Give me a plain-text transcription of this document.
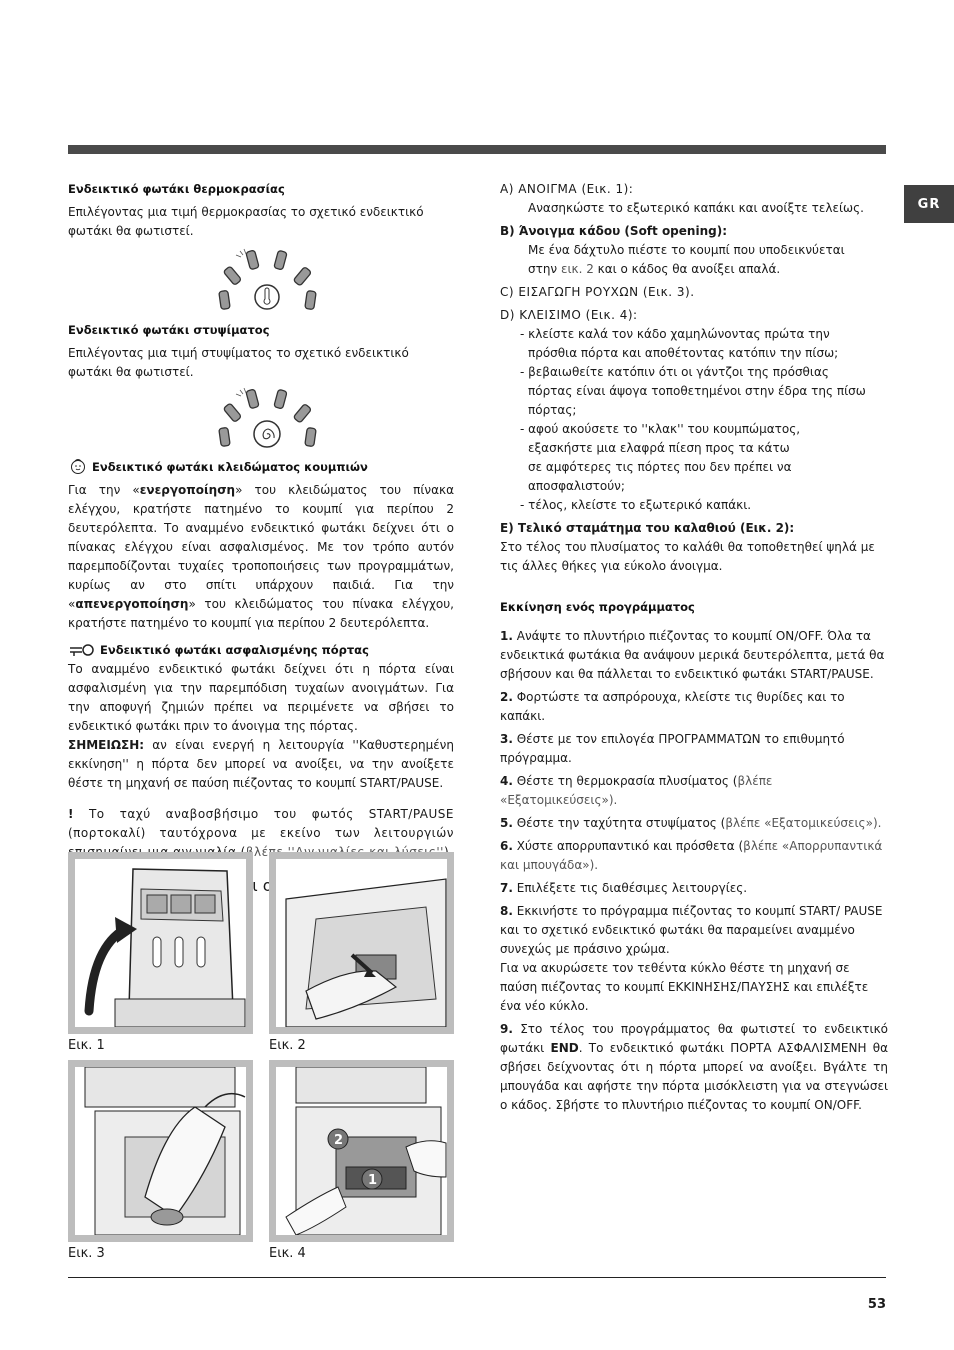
GR

Ενδεικτικό φωτάκι θερμοκρασίας

Επιλέγοντας μια τιμή θερμοκρασίας το σχετικό ενδεικτικό φωτάκι θα φωτιστεί.

Ενδεικτικό φωτάκι στυψίματος

Επιλέγοντας μια τιμή στυψίματος το σχετικό ενδεικτικό φωτάκι θα φωτιστεί.

Ενδεικτικό φωτάκι κλειδώματος κουμπιών

Για την «ενεργοποίηση» του κλειδώματος του πίνακα ελέγχου, κρατήστε πατημένο το κουμπί για περίπου 2 δευτερόλεπτα. Το αναμμένο ενδεικτικό φωτάκι δείχνει ότι ο πίνακας ελέγχου είναι ασφαλισμένος. Με τον τρόπο αυτόν παρεμποδίζονται τυχαίες τροποποιήσεις των προγραμμάτων, κυρίως αν στο σπίτι υπάρχουν παιδιά. Για την «απενεργοποίηση» του κλειδώματος του πίνακα ελέγχου, κρατήστε πατημένο το κουμπί για περίπου 2 δευτερόλεπτα.

Ενδεικτικό φωτάκι ασφαλισμένης πόρτας

Το αναμμένο ενδεικτικό φωτάκι δείχνει ότι η πόρτα είναι ασφαλισμένη για την παρεμπόδιση τυχαίων ανοιγμάτων. Για την αποφυγή ζημιών πρέπει να περιμένετε να σβήσει το ενδεικτικό φωτάκι πριν το άνοιγμα της πόρτας.

ΣΗΜΕΙΩΣΗ: αν είναι ενεργή η λειτουργία ''Καθυστερημένη εκκίνηση'' η πόρτα δεν μπορεί να ανοίξει, να την ανοίξετε θέστε τη μηχανή σε παύση πιέζοντας το κουμπί START/PAUSE.

! Το ταχύ αναβοσβήσιμο του φωτός START/PAUSE (πορτοκαλί) ταυτόχρονα με εκείνο των λειτουργιών βλέπε

ο
Εικ. 1	Εικ. 2
Εικ. 3
2
1
Εικ. 4

A) ΑΝΟΙΓΜΑ (Εικ. 1):

Ανασηκώστε το εξωτερικό καπάκι και ανοίξτε τελείως.

B) Άνοιγμα κάδου (Soft opening):

Με ένα δάχτυλο πιέστε το κουμπί που υποδεικνύεται

στην εικ. 2 και ο κάδος θα ανοίξει απαλά.

C) ΕΙΣΑΓΩΓΗ ΡΟΥΧΩΝ (Εικ. 3).

D) ΚΛΕΙΣΙΜΟ (Εικ. 4):

- κλείστε καλά τον κάδο χαμηλώνοντας πρώτα την

πρόσθια πόρτα και αποθέτοντας κατόπιν την πίσω;

- βεβαιωθείτε κατόπιν ότι οι γάντζοι της πρόσθιας

πόρτας είναι άψογα τοποθετημένοι στην έδρα της πίσω

πόρτας;

- αφού ακούσετε το ''κλακ'' του κουμπώματος,

εξασκήστε μια ελαφρά πίεση προς τα κάτω

σε αμφότερες τις πόρτες που δεν πρέπει να

αποσφαλιστούν;

- τέλος, κλείστε το εξωτερικό καπάκι.

E) Τελικό σταμάτημα του καλαθιού (Εικ. 2):

Στο τέλος του πλυσίματος το καλάθι θα τοποθετηθεί ψηλά με τις άλλες θήκες για εύκολο άνοιγμα.

Εκκίνηση ενός προγράμματος

1. Ανάψτε το πλυντήριο πιέζοντας το κουμπί ON/OFF. Όλα τα ενδεικτικά φωτάκια θα ανάψουν μερικά δευτερόλεπτα, μετά θα σβήσουν και θα πάλλεται το ενδεικτικό φωτάκι START/PAUSE.

2. Φορτώστε τα ασπρόρουχα, κλείστε τις θυρίδες και το καπάκι.

3. Θέστε με τον επιλογέα ΠΡΟΓΡΑΜΜΑΤΩΝ το επιθυμητό πρόγραμμα.

4. Θέστε τη θερμοκρασία πλυσίματος (βλέπε «Εξατομικεύσεις»).

5. Θέστε την ταχύτητα στυψίματος (βλέπε «Εξατομικεύσεις»).

6. Χύστε απορρυπαντικό και πρόσθετα (βλέπε «Απορρυπαντικά και μπουγάδα»).

7. Επιλέξετε τις διαθέσιμες λειτουργίες.

8. Εκκινήστε το πρόγραμμα πιέζοντας το κουμπί START/ PAUSE και το σχετικό ενδεικτικό φωτάκι θα παραμείνει αναμμένο συνεχώς με πράσινο χρώμα.

Για να ακυρώσετε τον τεθέντα κύκλο θέστε τη μηχανή σε παύση πιέζοντας το κουμπί ΕΚΚΙΝΗΣΗΣ/ΠΑΥΣΗΣ και επιλέξτε ένα νέο κύκλο.

9. Στο τέλος του προγράμματος θα φωτιστεί το ενδεικτικό φωτάκι END. Το ενδεικτικό φωτάκι ΠΟΡΤΑ ΑΣΦΑΛΙΣΜΕΝΗ θα σβήσει δείχνοντας ότι η πόρτα μπορεί να ανοίξει. Βγάλτε τη μπουγάδα και αφήστε την πόρτα μισόκλειστη για να στεγνώσει ο κάδος. Σβήστε το πλυντήριο πιέζοντας το κουμπί ON/OFF.

53
